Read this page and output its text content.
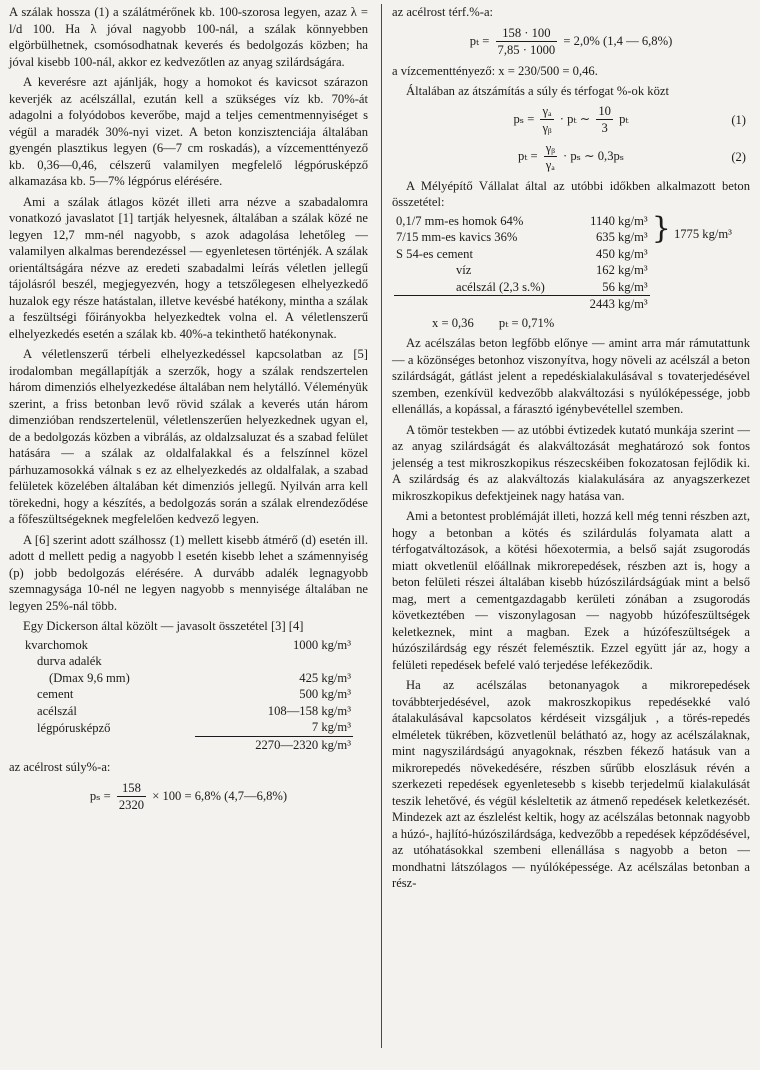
A szálak hossza (1) a szálátmérőnek kb. 100-szorosa legyen, azaz λ = l/d 100. Ha λ jóval nagyobb 100-nál, a szálak könnyebben elgörbülhetnek, csomósodhatnak keverés és bedolgozás közben; ha jóval kisebb 100-nál, akkor ez kedvezőtlen az anyag szilárdságára.

A keverésre azt ajánlják, hogy a homokot és kavicsot szárazon keverjék az acélszállal, ezután kell a szükséges víz kb. 70%-át adagolni a folyódobos keverőbe, majd a teljes cementmennyiséget s végül a maradék 30%-nyi vizet. A beton konzisztenciája általában gyengén plasztikus legyen (6—7 cm roskadás), a vízcementtényező kb. 0,36—0,46, célszerű valamilyen megfelelő légpórusképző alkamazása kb. 5—7% légpórus elérésére.

Ami a szálak átlagos közét illeti arra nézve a szabadalomra vonatkozó javaslatot [1] tartják helyesnek, általában a szálak közé ne legyen 12,7 mm-nél nagyobb, s azok adagolása lehetőleg — valamilyen alkalmas berendezéssel — egyenletesen történjék. A szálak orientáltságára nézve az eredeti szabadalmi leírás véletlen jellegű tájolásról beszél, megjegyezvén, hogy a tetszőlegesen elhelyezkedő huzalok egy része hatástalan, illetve kevésbé hatékony, mintha a szálak a feszültségi főirányokba helyezkedtek volna el. A véletlenszerű elhelyezkedés esetén a szálak kb. 40%-a tekinthető hatékonynak.

A véletlenszerű térbeli elhelyezkedéssel kapcsolatban az [5] irodalomban megállapítják a szerzők, hogy a szálak rendszertelen három dimenziós elhelyezkedése általában nem helytálló. Véleményük szerint, a friss betonban levő rövid szálak a keverés után három dimenzióban rendszertelenül, véletlenszerűen helyezkednek ugyan el, de a bedolgozás közben a vibrálás, az oldalzsaluzat és a szabad felület hatására — a szálak az oldalfalakkal és a felszínnel közel párhuzamosokká válnak s ez az elhelyezkedés az oldalfalak, a szabad felületek közelében általában két dimenziós jellegű. Nyilván arra kell törekedni, hogy a készítés, a bedolgozás során a szálak elrendeződése a főfeszültségeknek megfelelően kedvező legyen.

A [6] szerint adott szálhossz (1) mellett kisebb átmérő (d) esetén ill. adott d mellett pedig a nagyobb l esetén kisebb lehet a számennyiség (p) jobb bedolgozás elérésére. A durvább adalék legnagyobb szemnagysága 10-nél ne legyen nagyobb s mennyisége általában ne legyen 25%-nál több.

Egy Dickerson által közölt — javasolt összetétel [3] [4]

kvarchomok	1000 kg/m³
durva adalék	
(Dmax 9,6 mm)	425 kg/m³
cement	500 kg/m³
acélszál	108—158 kg/m³
légpórusképző	7 kg/m³
	2270—2320 kg/m³

az acélrost súly%-a:

$p_s = \frac{158}{2320} \times 100 = 6,8\%$ (4,7—6,8%)

az acélrost térf.%-a:

$p_t = \frac{158 \cdot 100}{7,85 \cdot 1000} = 2,0\%$ (1,4 — 6,8%)

a vízcementtényező: x = 230/500 = 0,46.

Általában az átszámítás a súly és térfogat %-ok közt

$p_s = \frac{\text{γₐ}}{\text{γᵦ}} \cdot p_t$ ∼ $\frac{10}{3}$ pₜ	(1)
$p_t = \frac{\text{γᵦ}}{\text{γₐ}} \cdot p_s$ ∼ 0,3pₛ	(2)

A Mélyépítő Vállalat által az utóbbi időkben alkalmazott beton összetétel:

0,1/7 mm-es homok 64%	1140 kg/m³	} 1775 kg/m³
7/15 mm-es kavics 36%	635 kg/m³	
S 54-es cement	450 kg/m³	
víz	162 kg/m³	
acélszál (2,3 s.%)	56 kg/m³	
	2443 kg/m³	

x = 0,36        pₜ = 0,71%

Az acélszálas beton legfőbb előnye — amint arra már rámutattunk — a közönséges betonhoz viszonyítva, hogy növeli az acélszál a beton szilárdságát, gátlást jelent a repedéskialakulásával s tovaterjedésével szemben, ezenkívül kedvezőbb alakváltozási s nyúlóképessége, jobb ellenállás, a kopással, a fárasztó igénybevétellel szemben.

A tömör testekben — az utóbbi évtizedek kutató munkája szerint — az anyag szilárdságát és alakváltozását meghatározó sok fontos jelenség a test mikroszkopikus részecskéiben fokozatosan fejlődik ki. A szilárdság és az alakváltozás kialakulására az anyagszerkezet mikroszkopikus defektjeinek nagy hatása van.

Ami a betontest problémáját illeti, hozzá kell még tenni részben azt, hogy a betonban a kötés és szilárdulás folyamata alatt a térfogatváltozások, a kötési hőexotermia, a belső saját zsugorodás miatt okvetlenül előállnak mikrorepedések, részben azt is, hogy a beton felületi részei általában kisebb húzószilárdságúak mint a belső mag, mert a cementgazdagabb kerületi zónában a zsugorodás következtében — viszonylagosan — nagyobb húzófeszültségek keletkeznek, mint a magban. Ezek a húzófeszültségek a húzószilárdság egy részét felemésztik. Ezzel együtt jár az, hogy a felületi repedések befelé való terjedése lefékeződik.

Ha az acélszálas betonanyagok a mikrorepedések továbbterjedésével, azok makroszkopikus repedésekké való átalakulásával kapcsolatos kérdéseit vizsgáljuk , a törés-repedés elméletek tükrében, közvetlenül belátható az, hogy az acélszálaknak, mint nagyszilárdságú anyagoknak, részben fékező hatásuk van a mikrorepedés növekedésére, részben sűrűbb eloszlásuk révén a szerkezeti repedések egyenletesebb s kisebb terjedelmű kialakulását teszik lehetővé, és végül késleltetik az átmenő repedések keletkezését. Mindezek azt az észlelést keltik, hogy az acélszálas betonnak nagyobb a húzó-, hajlító-húzószilárdsága, kedvezőbb a repedések képződésével, az utóhatásokkal szembeni ellenállása s nagyobb a beton — mondhatni látszólagos — nyúlóképessége. Az acélszálas betonban a rész-
